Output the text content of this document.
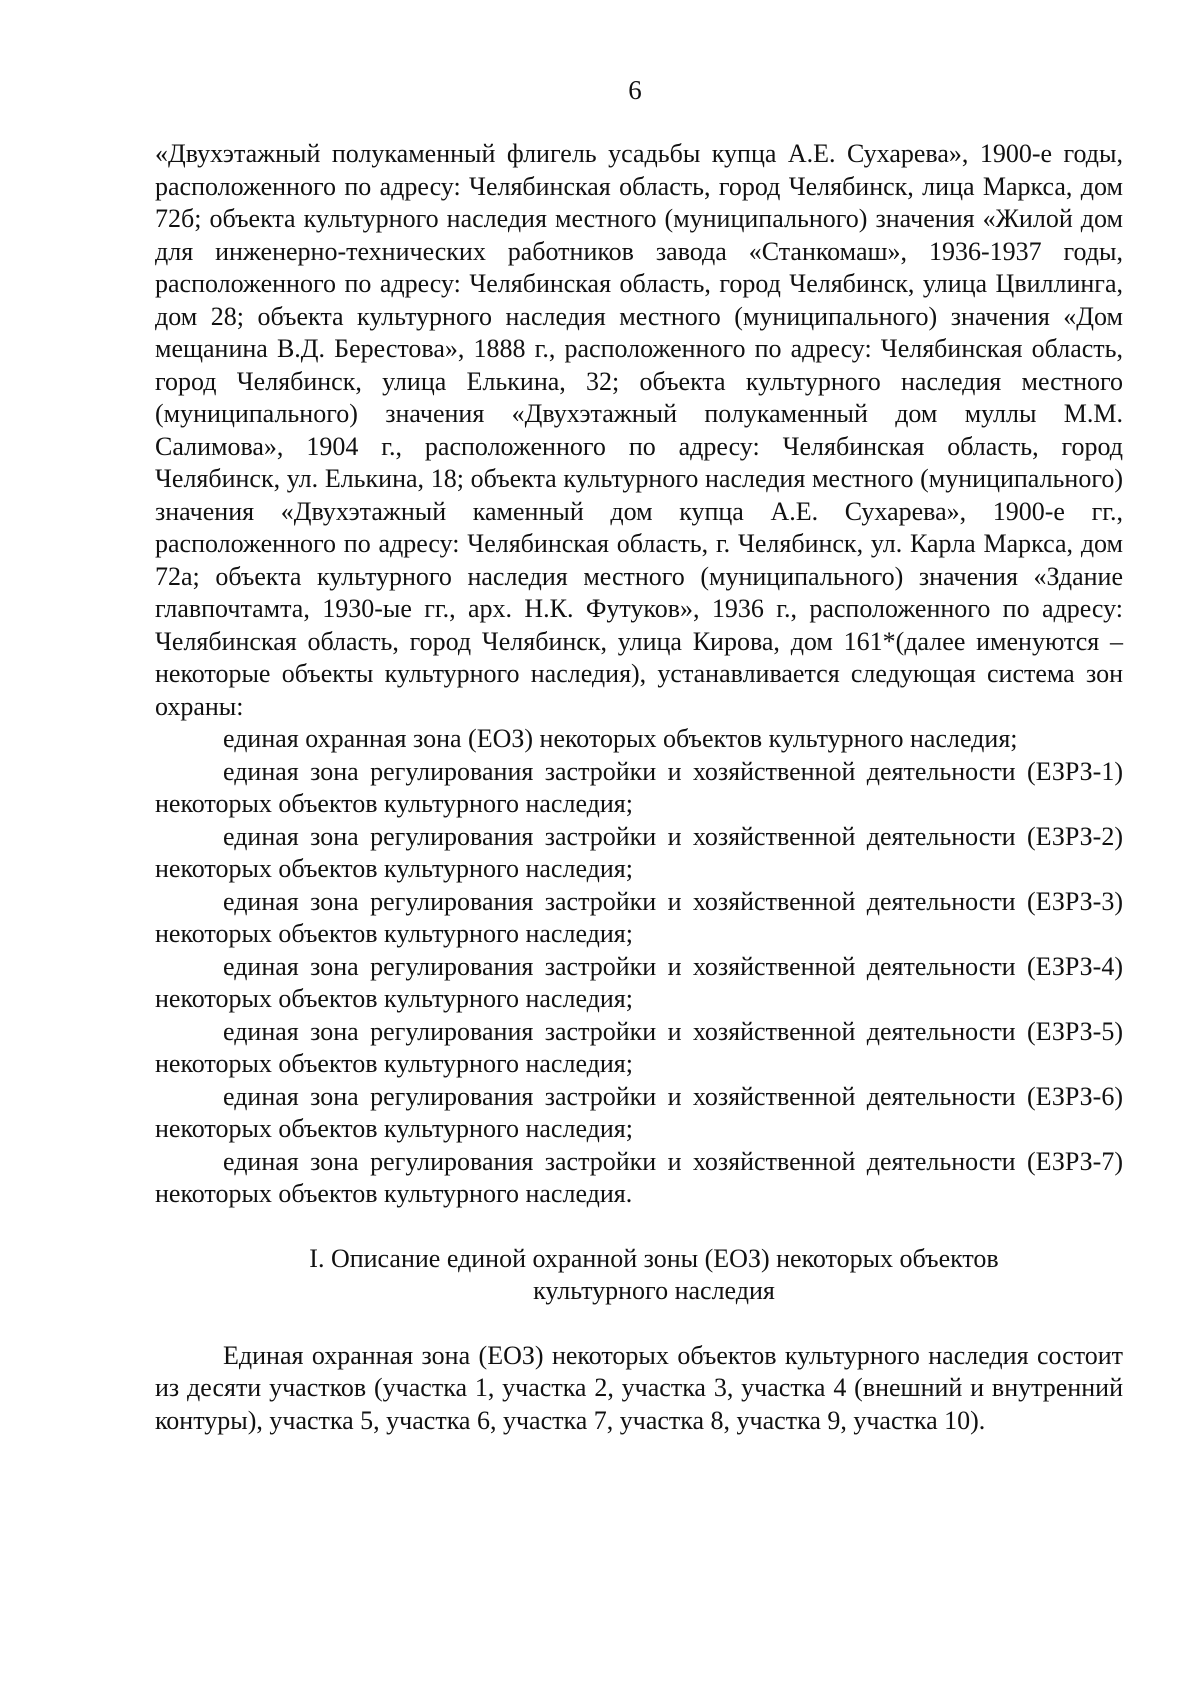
6

«Двухэтажный полукаменный флигель усадьбы купца А.Е. Сухарева», 1900-е годы, расположенного по адресу: Челябинская область, город Челябинск, лица Маркса, дом 72б; объекта культурного наследия местного (муниципального) значения «Жилой дом для инженерно-технических работников завода «Станкомаш», 1936-1937 годы, расположенного по адресу: Челябинская область, город Челябинск, улица Цвиллинга, дом 28; объекта культурного наследия местного (муниципального) значения «Дом мещанина В.Д. Берестова», 1888 г., расположенного по адресу: Челябинская область, город Челябинск, улица Елькина, 32; объекта культурного наследия местного (муниципального) значения «Двухэтажный полукаменный дом муллы М.М. Салимова», 1904 г., расположенного по адресу: Челябинская область, город Челябинск, ул. Елькина, 18; объекта культурного наследия местного (муниципального) значения «Двухэтажный каменный дом купца А.Е. Сухарева», 1900-е гг., расположенного по адресу: Челябинская область, г. Челябинск, ул. Карла Маркса, дом 72а; объекта культурного наследия местного (муниципального) значения «Здание главпочтамта, 1930-ые гг., арх. Н.К. Футуков», 1936 г., расположенного по адресу: Челябинская область, город Челябинск, улица Кирова, дом 161*(далее именуются – некоторые объекты культурного наследия), устанавливается следующая система зон охраны:

единая охранная зона (ЕОЗ) некоторых объектов культурного наследия;

единая зона регулирования застройки и хозяйственной деятельности (ЕЗРЗ-1) некоторых объектов культурного наследия;

единая зона регулирования застройки и хозяйственной деятельности (ЕЗРЗ-2) некоторых объектов культурного наследия;

единая зона регулирования застройки и хозяйственной деятельности (ЕЗРЗ-3) некоторых объектов культурного наследия;

единая зона регулирования застройки и хозяйственной деятельности (ЕЗРЗ-4) некоторых объектов культурного наследия;

единая зона регулирования застройки и хозяйственной деятельности (ЕЗРЗ-5) некоторых объектов культурного наследия;

единая зона регулирования застройки и хозяйственной деятельности (ЕЗРЗ-6) некоторых объектов культурного наследия;

единая зона регулирования застройки и хозяйственной деятельности (ЕЗРЗ-7) некоторых объектов культурного наследия.

I. Описание единой охранной зоны (ЕОЗ) некоторых объектов
культурного наследия

Единая охранная зона (ЕОЗ) некоторых объектов культурного наследия состоит из десяти участков (участка 1, участка 2, участка 3, участка 4 (внешний и внутренний контуры), участка 5, участка 6, участка 7, участка 8, участка 9, участка 10).
